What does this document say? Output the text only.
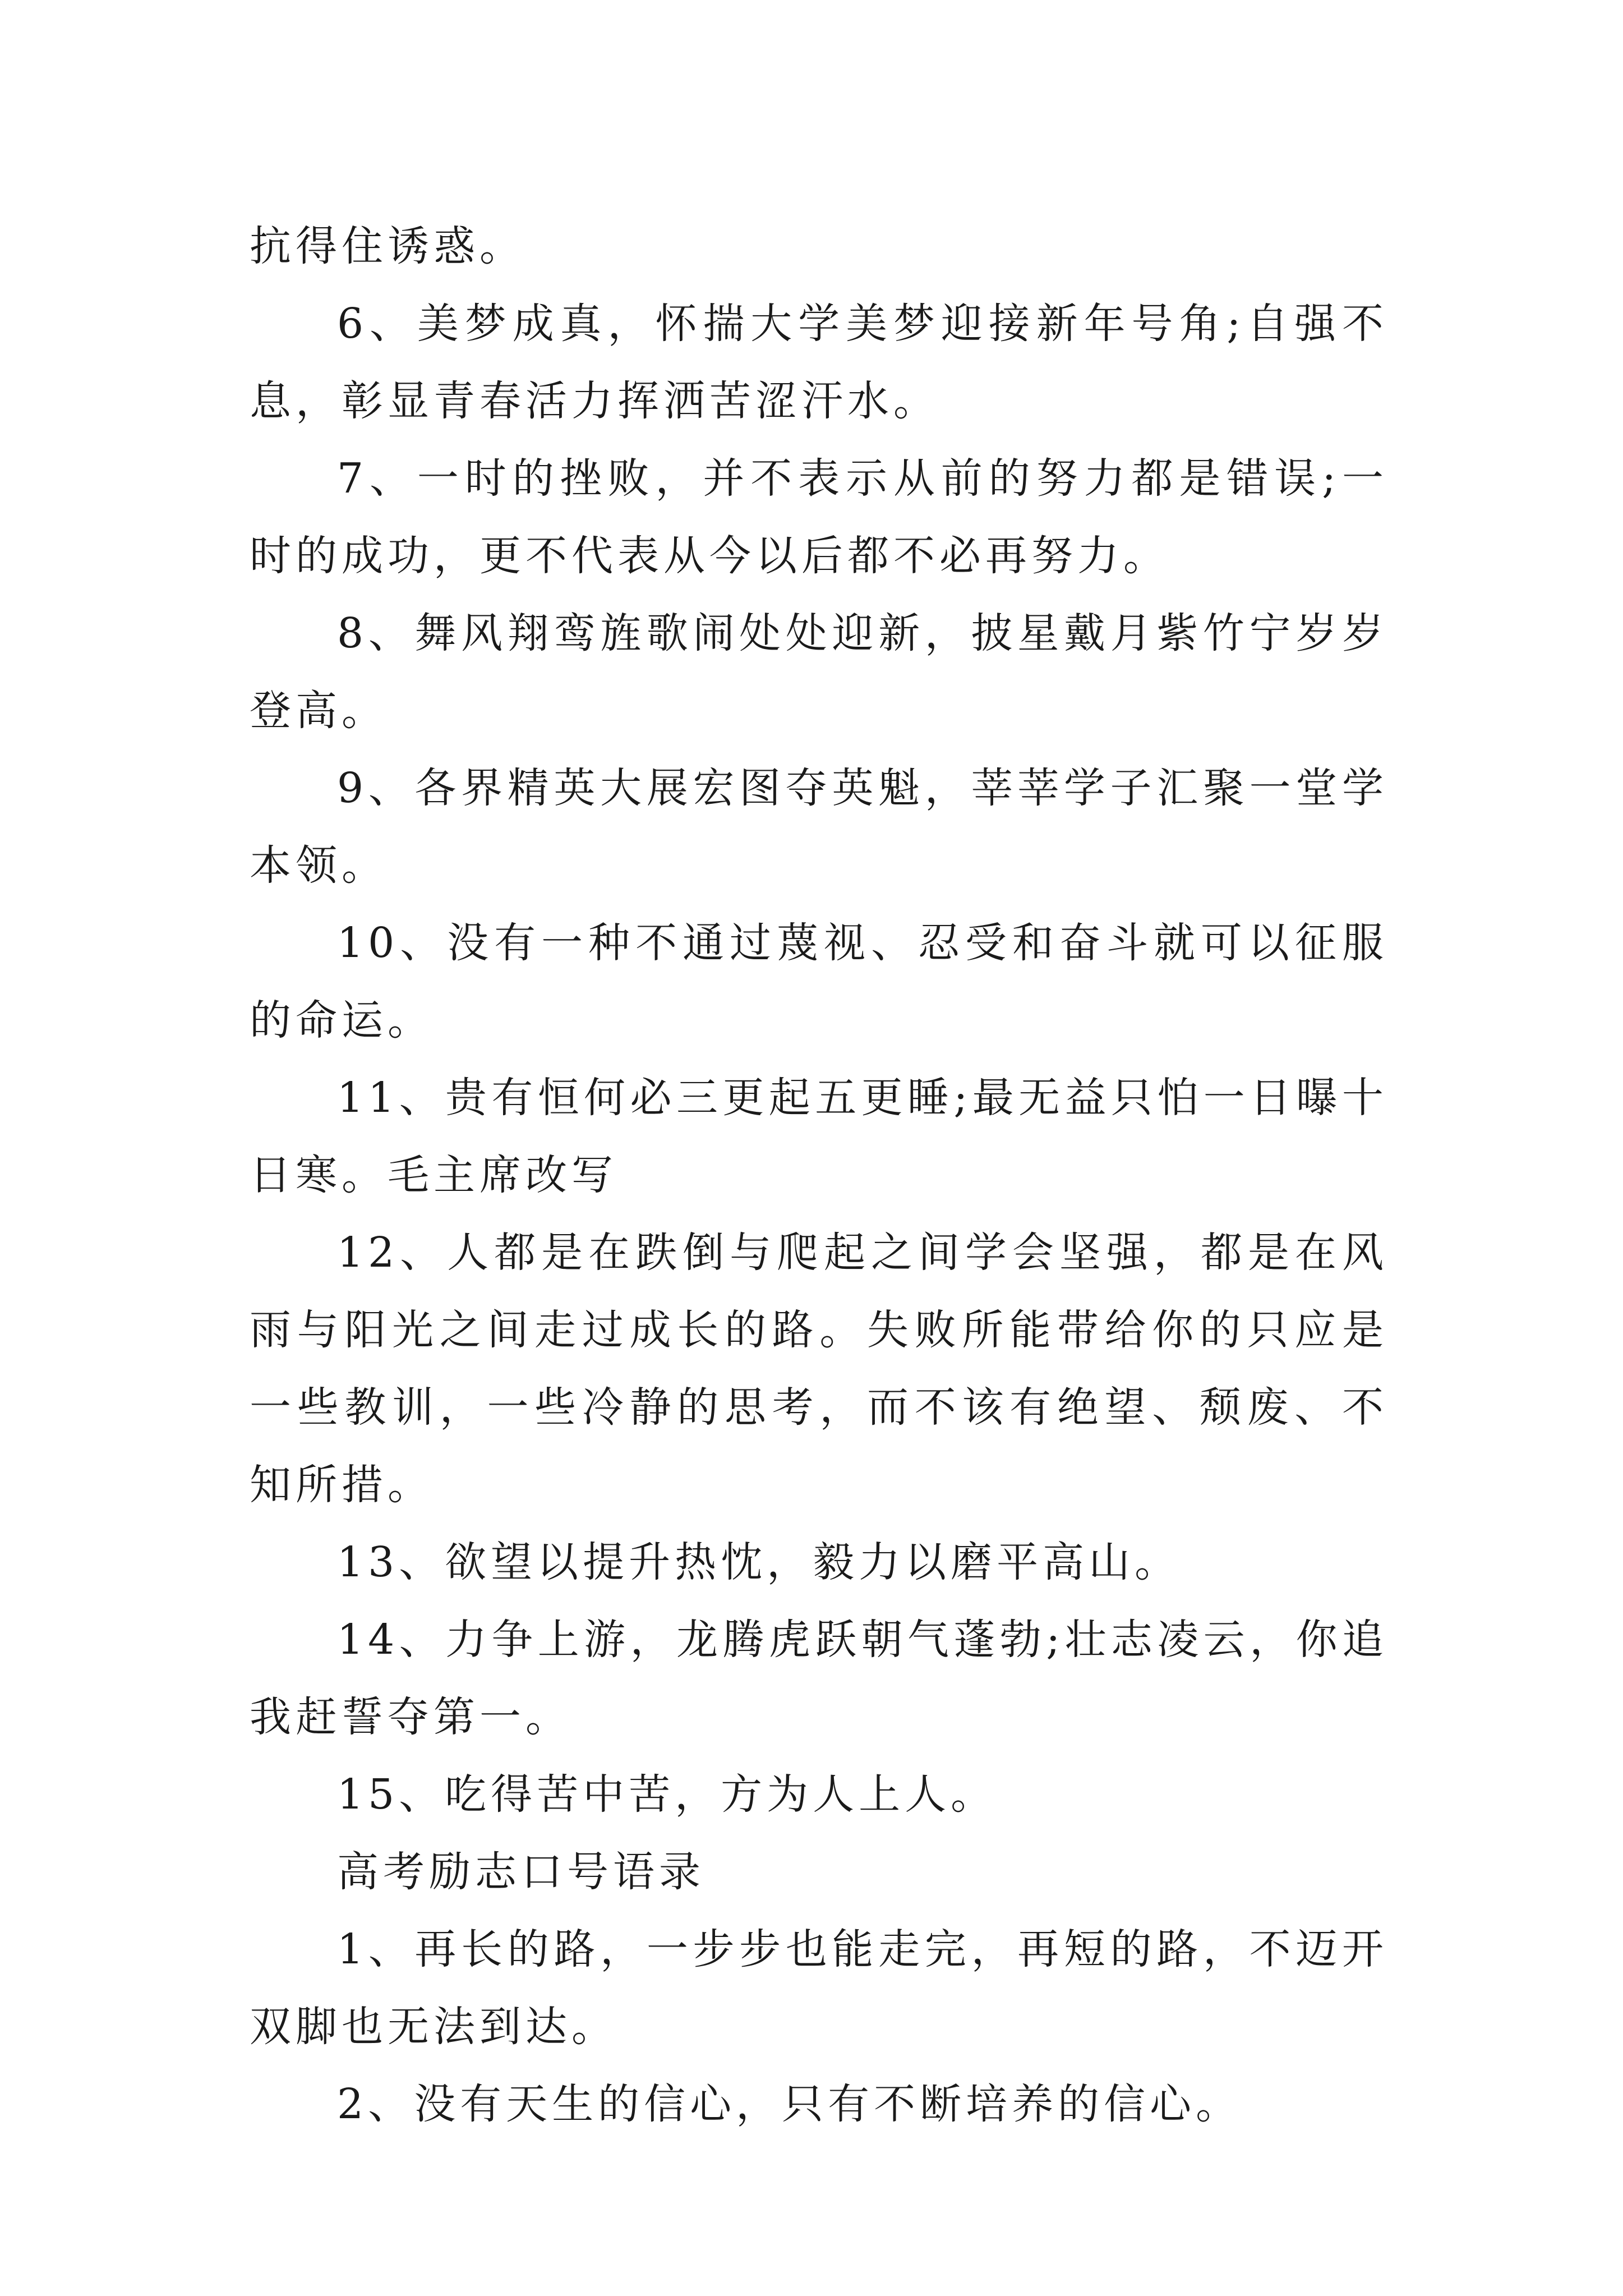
抗得住诱惑。

6、美梦成真，怀揣大学美梦迎接新年号角;自强不息，彰显青春活力挥洒苦涩汗水。

7、一时的挫败，并不表示从前的努力都是错误;一时的成功，更不代表从今以后都不必再努力。

8、舞风翔鸾旌歌闹处处迎新，披星戴月紫竹宁岁岁登高。

9、各界精英大展宏图夺英魁，莘莘学子汇聚一堂学本领。

10、没有一种不通过蔑视、忍受和奋斗就可以征服的命运。

11、贵有恒何必三更起五更睡;最无益只怕一日曝十日寒。毛主席改写

12、人都是在跌倒与爬起之间学会坚强，都是在风雨与阳光之间走过成长的路。失败所能带给你的只应是一些教训，一些冷静的思考，而不该有绝望、颓废、不知所措。

13、欲望以提升热忱，毅力以磨平高山。

14、力争上游，龙腾虎跃朝气蓬勃;壮志凌云，你追我赶誓夺第一。

15、吃得苦中苦，方为人上人。

高考励志口号语录

1、再长的路，一步步也能走完，再短的路，不迈开双脚也无法到达。

2、没有天生的信心，只有不断培养的信心。
